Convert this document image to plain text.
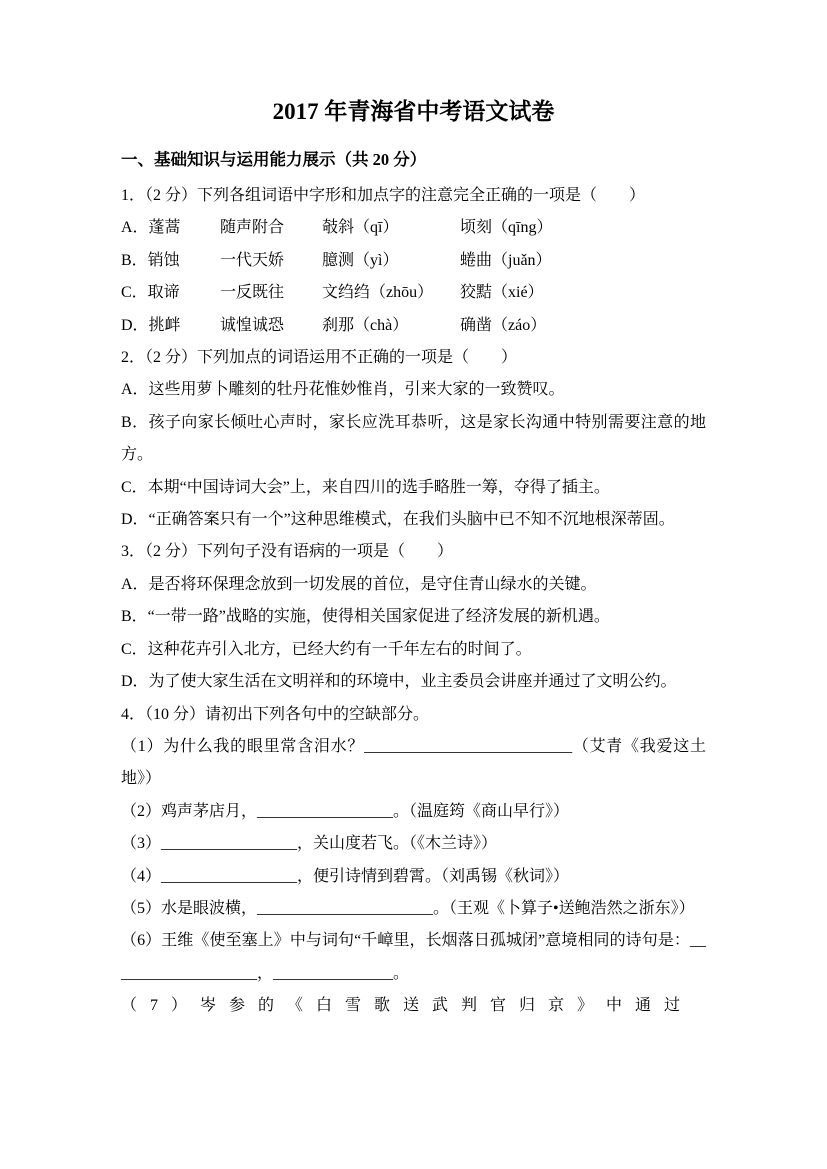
2017 年青海省中考语文试卷
一、基础知识与运用能力展示（共 20 分）

1．（2 分）下列各组词语中字形和加点字的注意完全正确的一项是（　　）

A．蓬蒿	随声附合	攲斜（qī）	顷刻（qīng）
B．销蚀	一代天娇	臆测（yì）	蜷曲（juǎn）
C．取谛	一反既往	文绉绉（zhōu）	狡黠（xié）
D．挑衅	诚惶诚恐	刹那（chà）	确凿（záo）

2．（2 分）下列加点的词语运用不正确的一项是（　　）

A．这些用萝卜雕刻的牡丹花惟妙惟肖，引来大家的一致赞叹。

B．孩子向家长倾吐心声时，家长应洗耳恭听，这是家长沟通中特别需要注意的地方。

C．本期“中国诗词大会”上，来自四川的选手略胜一筹，夺得了插主。

D．“正确答案只有一个”这种思维模式，在我们头脑中已不知不沉地根深蒂固。

3．（2 分）下列句子没有语病的一项是（　　）

A．是否将环保理念放到一切发展的首位，是守住青山绿水的关键。

B．“一带一路”战略的实施，使得相关国家促进了经济发展的新机遇。

C．这种花卉引入北方，已经大约有一千年左右的时间了。

D．为了使大家生活在文明祥和的环境中，业主委员会讲座并通过了文明公约。

4．（10 分）请初出下列各句中的空缺部分。

（1）为什么我的眼里常含泪水？__________________________（艾青《我爱这土地》）

（2）鸡声茅店月，_________________。（温庭筠《商山早行》）

（3）_________________，关山度若飞。（《木兰诗》）

（4）_________________，便引诗情到碧霄。（刘禹锡《秋词》）

（5）水是眼波横，______________________。（王观《卜算子•送鲍浩然之浙东》）

（6）王维《使至塞上》中与词句“千嶂里，长烟落日孤城闭”意境相同的诗句是：___________________，_______________。

（7）岑参的《白雪歌送武判官归京》中通过
